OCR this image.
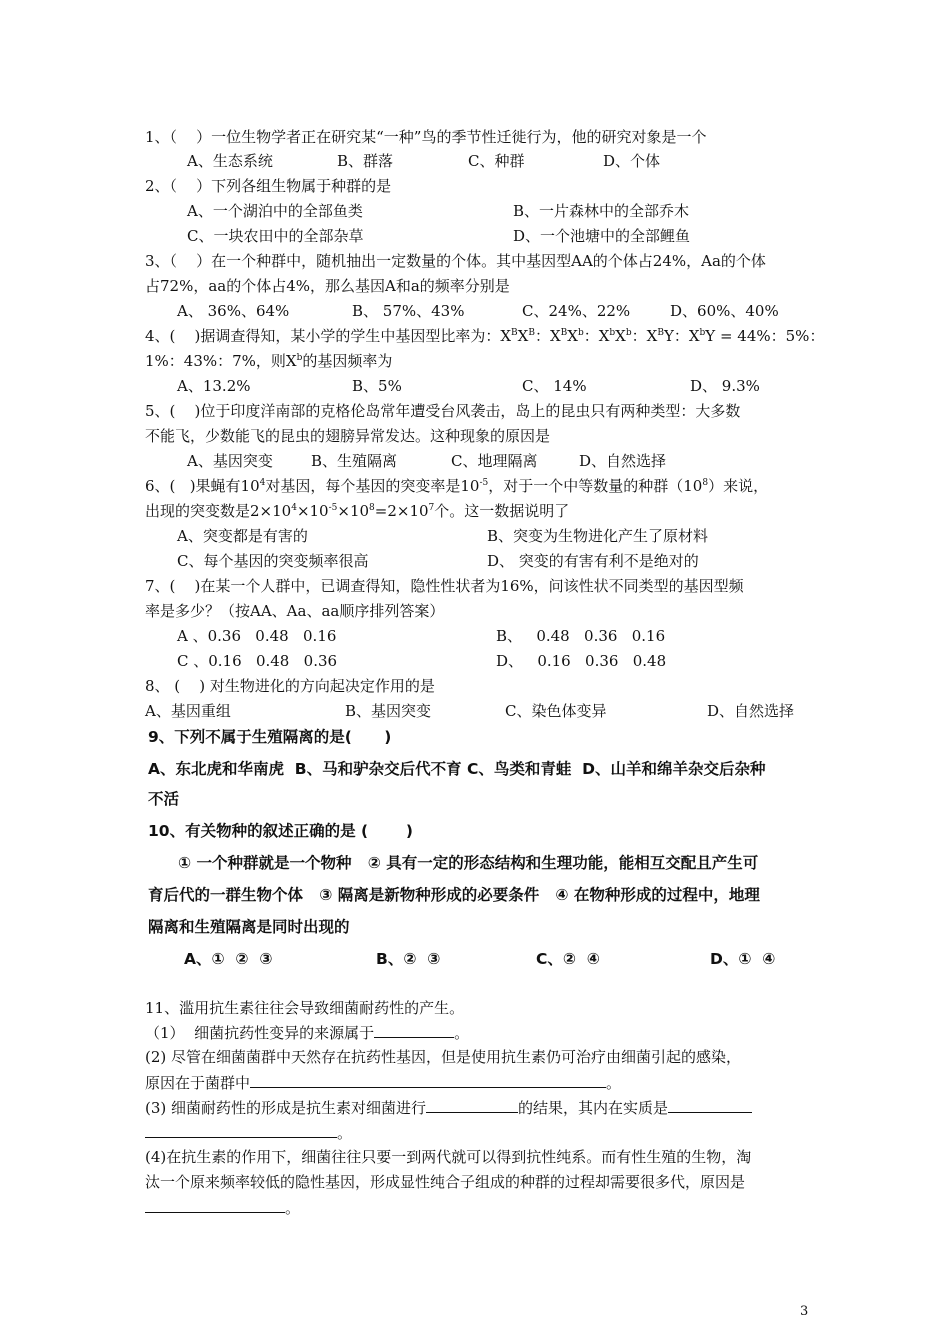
1、（    ）一位生物学者正在研究某“一种”鸟的季节性迁徙行为，他的研究对象是一个
A、生态系统	B、群落	C、种群	D、个体
2、（    ）下列各组生物属于种群的是
A、一个湖泊中的全部鱼类	B、一片森林中的全部乔木
C、一块农田中的全部杂草	D、一个池塘中的全部鲤鱼
3、（    ）在一个种群中，随机抽出一定数量的个体。其中基因型AA的个体占24%，Aa的个体
占72%，aa的个体占4%，那么基因A和a的频率分别是
A、 36%、64%	B、 57%、43%	C、24%、22%	D、60%、40%
4、(    )据调查得知，某小学的学生中基因型比率为：$X^BX^B$：$X^BX^b$：$X^bX^b$：$X^BY$：$X^bY = 44\%$：5%：
1%：43%：7%，则$X^b$的基因频率为
A、13.2%	B、5%	C、 14%	D、 9.3%
5、(    )位于印度洋南部的克格伦岛常年遭受台风袭击，岛上的昆虫只有两种类型：大多数
不能飞，少数能飞的昆虫的翅膀异常发达。这种现象的原因是
A、基因突变	B、生殖隔离	C、地理隔离	D、自然选择
6、(   )果蝇有$10^4$对基因，每个基因的突变率是$10^{-5}$，对于一个中等数量的种群$(10^8)$来说，
出现的突变数是$2\times 10^4\times 10^{-5}\times 10^8=2\times 10^7$个。这一数据说明了
A、突变都是有害的	B、突变为生物进化产生了原材料
C、每个基因的突变频率很高	D、 突变的有害有利不是绝对的
7、(    )在某一个人群中，已调查得知，隐性性状者为16%，问该性状不同类型的基因型频
率是多少？（按AA、Aa、aa顺序排列答案）
A 、0.36   0.48   0.16	B、   0.48   0.36   0.16
C 、0.16   0.48   0.36	D、   0.16   0.36   0.48
8、 (    ) 对生物进化的方向起决定作用的是
A、基因重组	B、基因突变	C、染色体变异	D、自然选择
9、下列不属于生殖隔离的是(      )
A、东北虎和华南虎  B、马和驴杂交后代不育 C、鸟类和青蛙  D、山羊和绵羊杂交后杂种
不活
10、有关物种的叙述正确的是 (       )
① 一个种群就是一个物种   ② 具有一定的形态结构和生理功能，能相互交配且产生可
育后代的一群生物个体   ③ 隔离是新物种形成的必要条件   ④ 在物种形成的过程中，地理
隔离和生殖隔离是同时出现的
A、①  ②  ③	B、②  ③	C、②  ④	D、①  ④
11、滥用抗生素往往会导致细菌耐药性的产生。
（1）  细菌抗药性变异的来源属于	。
(2) 尽管在细菌菌群中天然存在抗药性基因，但是使用抗生素仍可治疗由细菌引起的感染，
原因在于菌群中	。
(3) 细菌耐药性的形成是抗生素对细菌进行	的结果，其内在实质是
。
(4)在抗生素的作用下，细菌往往只要一到两代就可以得到抗性纯系。而有性生殖的生物，淘
汰一个原来频率较低的隐性基因，形成显性纯合子组成的种群的过程却需要很多代，原因是
。
3
